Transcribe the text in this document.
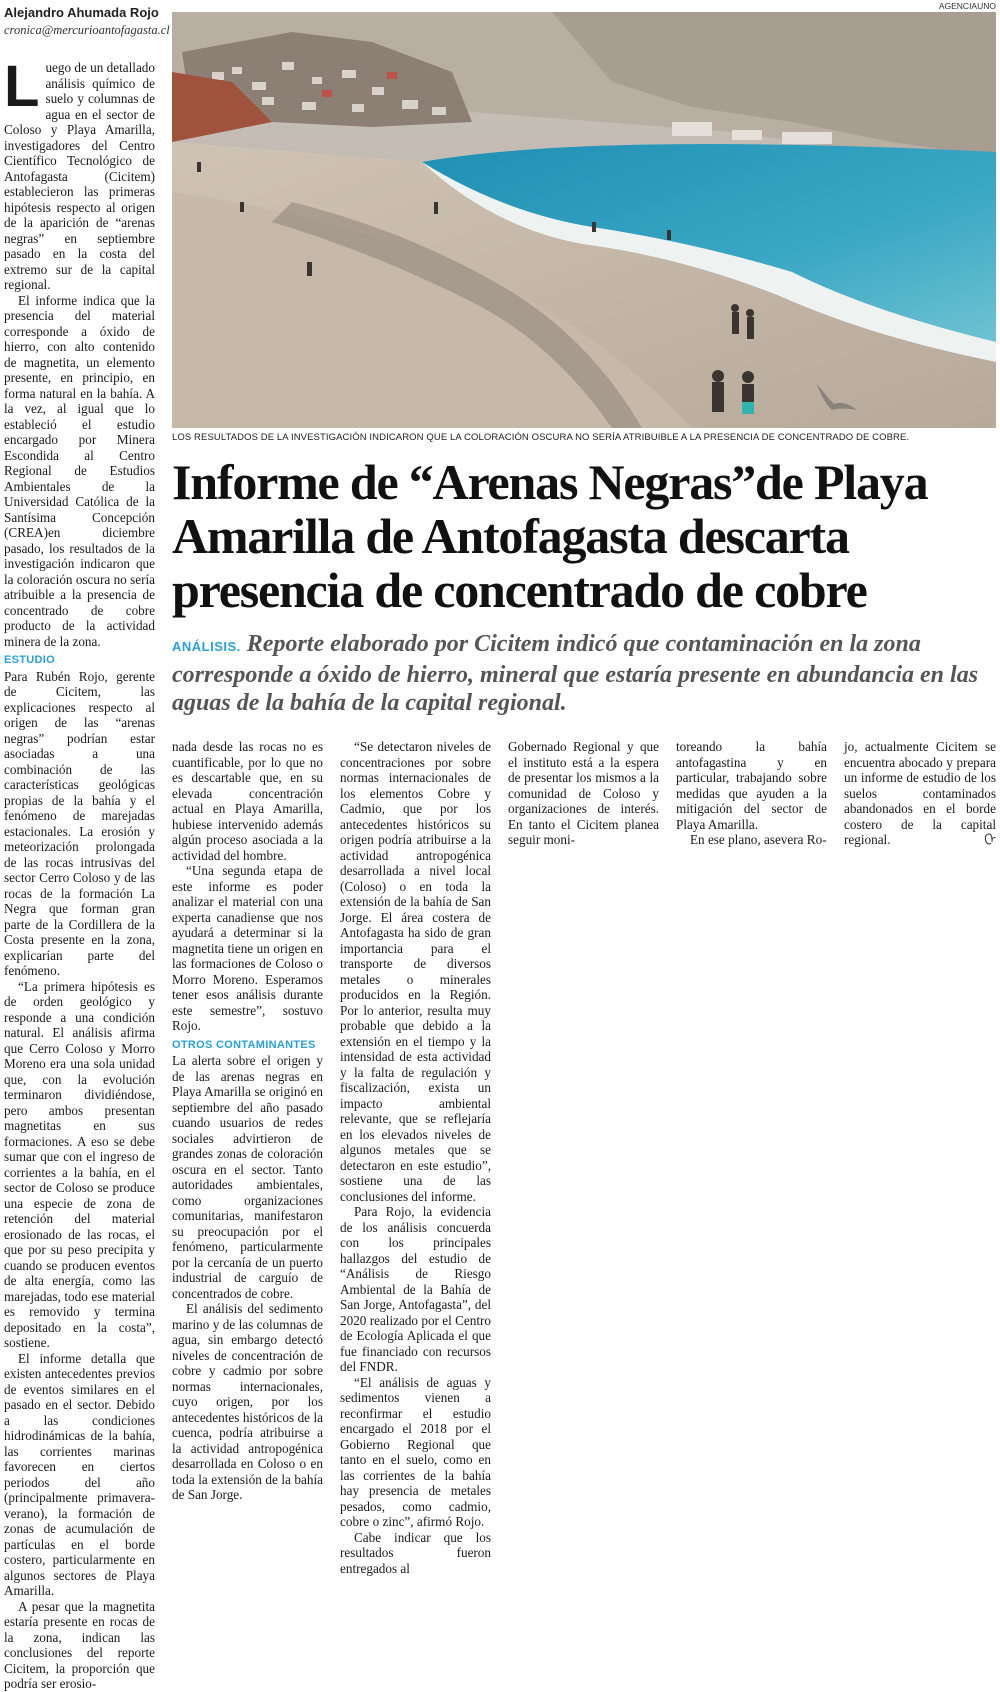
Alejandro Ahumada Rojo
cronica@mercurioantofagasta.cl
L uego de un detallado análisis químico de suelo y columnas de agua en el sector de Coloso y Playa Amarilla, investigadores del Centro Científico Tecnológico de Antofagasta (Cicitem) establecieron las primeras hipótesis respecto al origen de la aparición de “arenas negras” en septiembre pasado en la costa del extremo sur de la capital regional.

El informe indica que la presencia del material corresponde a óxido de hierro, con alto contenido de magnetita, un elemento presente, en principio, en forma natural en la bahía. A la vez, al igual que lo estableció el estudio encargado por Minera Escondida al Centro Regional de Estudios Ambientales de la Universidad Católica de la Santísima Concepción (CREA)en diciembre pasado, los resultados de la investigación indicaron que la coloración oscura no sería atribuible a la presencia de concentrado de cobre producto de la actividad minera de la zona.

ESTUDIO

Para Rubén Rojo, gerente de Cicitem, las explicaciones respecto al origen de las “arenas negras” podrían estar asociadas a una combinación de las características geológicas propias de la bahía y el fenómeno de marejadas estacionales. La erosión y meteorización prolongada de las rocas intrusivas del sector Cerro Coloso y de las rocas de la formación La Negra que forman gran parte de la Cordillera de la Costa presente en la zona, explicarían parte del fenómeno.

“La primera hipótesis es de orden geológico y responde a una condición natural. El análisis afirma que Cerro Coloso y Morro Moreno era una sola unidad que, con la evolución terminaron dividiéndose, pero ambos presentan magnetitas en sus formaciones. A eso se debe sumar que con el ingreso de corrientes a la bahía, en el sector de Coloso se produce una especie de zona de retención del material erosionado de las rocas, el que por su peso precipita y cuando se producen eventos de alta energía, como las marejadas, todo ese material es removido y termina depositado en la costa”, sostiene.

El informe detalla que existen antecedentes previos de eventos similares en el pasado en el sector. Debido a las condiciones hidrodinámicas de la bahía, las corrientes marinas favorecen en ciertos periodos del año (principalmente primavera-verano), la formación de zonas de acumulación de partículas en el borde costero, particularmente en algunos sectores de Playa Amarilla.

A pesar que la magnetita estaría presente en rocas de la zona, indican las conclusiones del reporte Cicitem, la proporción que podría ser erosio-

AGENCIAUNO
LOS RESULTADOS DE LA INVESTIGACIÓN INDICARON QUE LA COLORACIÓN OSCURA NO SERÍA ATRIBUIBLE A LA PRESENCIA DE CONCENTRADO DE COBRE.
Informe de “Arenas Negras”de Playa Amarilla de Antofagasta descarta presencia de concentrado de cobre

ANÁLISIS. Reporte elaborado por Cicitem indicó que contaminación en la zona corresponde a óxido de hierro, mineral que estaría presente en abundancia en las aguas de la bahía de la capital regional.

nada desde las rocas no es cuantificable, por lo que no es descartable que, en su elevada concentración actual en Playa Amarilla, hubiese intervenido además algún proceso asociada a la actividad del hombre.

“Una segunda etapa de este informe es poder analizar el material con una experta canadiense que nos ayudará a determinar si la magnetita tiene un origen en las formaciones de Coloso o Morro Moreno. Esperamos tener esos análisis durante este semestre”, sostuvo Rojo.

OTROS CONTAMINANTES

La alerta sobre el origen y de las arenas negras en Playa Amarilla se originó en septiembre del año pasado cuando usuarios de redes sociales advirtieron de grandes zonas de coloración oscura en el sector. Tanto autoridades ambientales, como organizaciones comunitarias, manifestaron su preocupación por el fenómeno, particularmente por la cercanía de un puerto industrial de carguío de concentrados de cobre.

El análisis del sedimento marino y de las columnas de agua, sin embargo detectó niveles de concentración de cobre y cadmio por sobre normas internacionales, cuyo origen, por los antecedentes históricos de la cuenca, podría atribuirse a la actividad antropogénica desarrollada en Coloso o en toda la extensión de la bahía de San Jorge.

“Se detectaron niveles de concentraciones por sobre normas internacionales de los elementos Cobre y Cadmio, que por los antecedentes históricos su origen podría atribuirse a la actividad antropogénica desarrollada a nivel local (Coloso) o en toda la extensión de la bahía de San Jorge. El área costera de Antofagasta ha sido de gran importancia para el transporte de diversos metales o minerales producidos en la Región. Por lo anterior, resulta muy probable que debido a la extensión en el tiempo y la intensidad de esta actividad y la falta de regulación y fiscalización, exista un impacto ambiental relevante, que se reflejaría en los elevados niveles de algunos metales que se detectaron en este estudio”, sostiene una de las conclusiones del informe.

Para Rojo, la evidencia de los análisis concuerda con los principales hallazgos del estudio de “Análisis de Riesgo Ambiental de la Bahía de San Jorge, Antofagasta”, del 2020 realizado por el Centro de Ecología Aplicada el que fue financiado con recursos del FNDR.

“El análisis de aguas y sedimentos vienen a reconfirmar el estudio encargado el 2018 por el Gobierno Regional que tanto en el suelo, como en las corrientes de la bahía hay presencia de metales pesados, como cadmio, cobre o zinc”, afirmó Rojo.

Cabe indicar que los resultados fueron entregados al

Gobernado Regional y que el instituto está a la espera de presentar los mismos a la comunidad de Coloso y organizaciones de interés. En tanto el Cicitem planea seguir moni-

toreando la bahía antofagastina y en particular, trabajando sobre medidas que ayuden a la mitigación del sector de Playa Amarilla.

En ese plano, asevera Ro-

jo, actualmente Cicitem se encuentra abocado y prepara un informe de estudio de los suelos contaminados abandonados en el borde costero de la capital regional.	ᢕ
